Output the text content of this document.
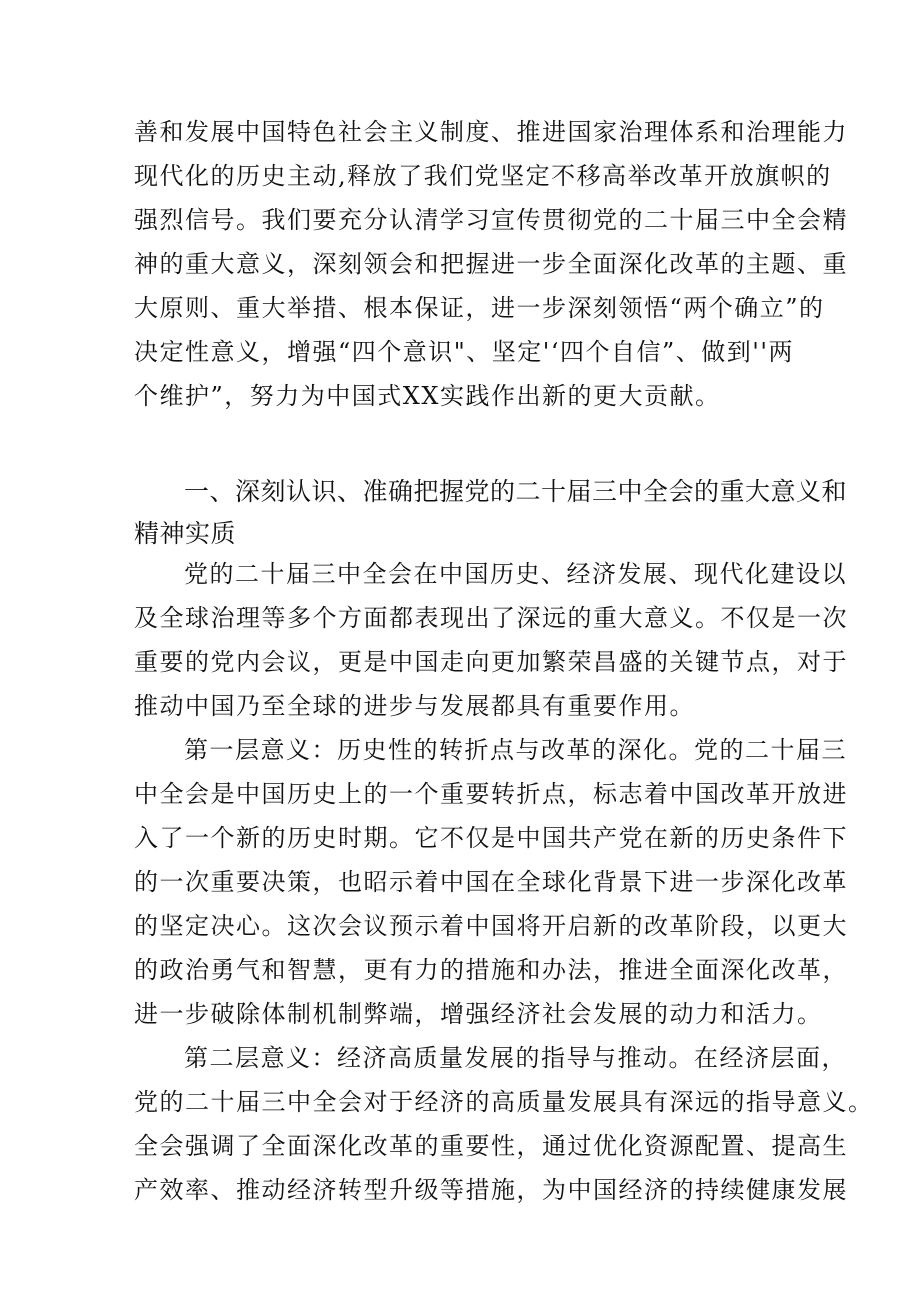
善和发展中国特色社会主义制度、推进国家治理体系和治理能力
现代化的历史主动,释放了我们党坚定不移高举改革开放旗帜的
强烈信号。我们要充分认清学习宣传贯彻党的二十届三中全会精
神的重大意义，深刻领会和把握进一步全面深化改革的主题、重
大原则、重大举措、根本保证，进一步深刻领悟“两个确立”的
决定性意义，增强“四个意识"、坚定'‘四个自信”、做到''两
个维护”，努力为中国式XX实践作出新的更大贡献。
一、深刻认识、准确把握党的二十届三中全会的重大意义和
精神实质
党的二十届三中全会在中国历史、经济发展、现代化建设以
及全球治理等多个方面都表现出了深远的重大意义。不仅是一次
重要的党内会议，更是中国走向更加繁荣昌盛的关键节点，对于
推动中国乃至全球的进步与发展都具有重要作用。
第一层意义：历史性的转折点与改革的深化。党的二十届三
中全会是中国历史上的一个重要转折点，标志着中国改革开放进
入了一个新的历史时期。它不仅是中国共产党在新的历史条件下
的一次重要决策，也昭示着中国在全球化背景下进一步深化改革
的坚定决心。这次会议预示着中国将开启新的改革阶段，以更大
的政治勇气和智慧，更有力的措施和办法，推进全面深化改革，
进一步破除体制机制弊端，增强经济社会发展的动力和活力。
第二层意义：经济高质量发展的指导与推动。在经济层面，
党的二十届三中全会对于经济的高质量发展具有深远的指导意义。
全会强调了全面深化改革的重要性，通过优化资源配置、提高生
产效率、推动经济转型升级等措施，为中国经济的持续健康发展
